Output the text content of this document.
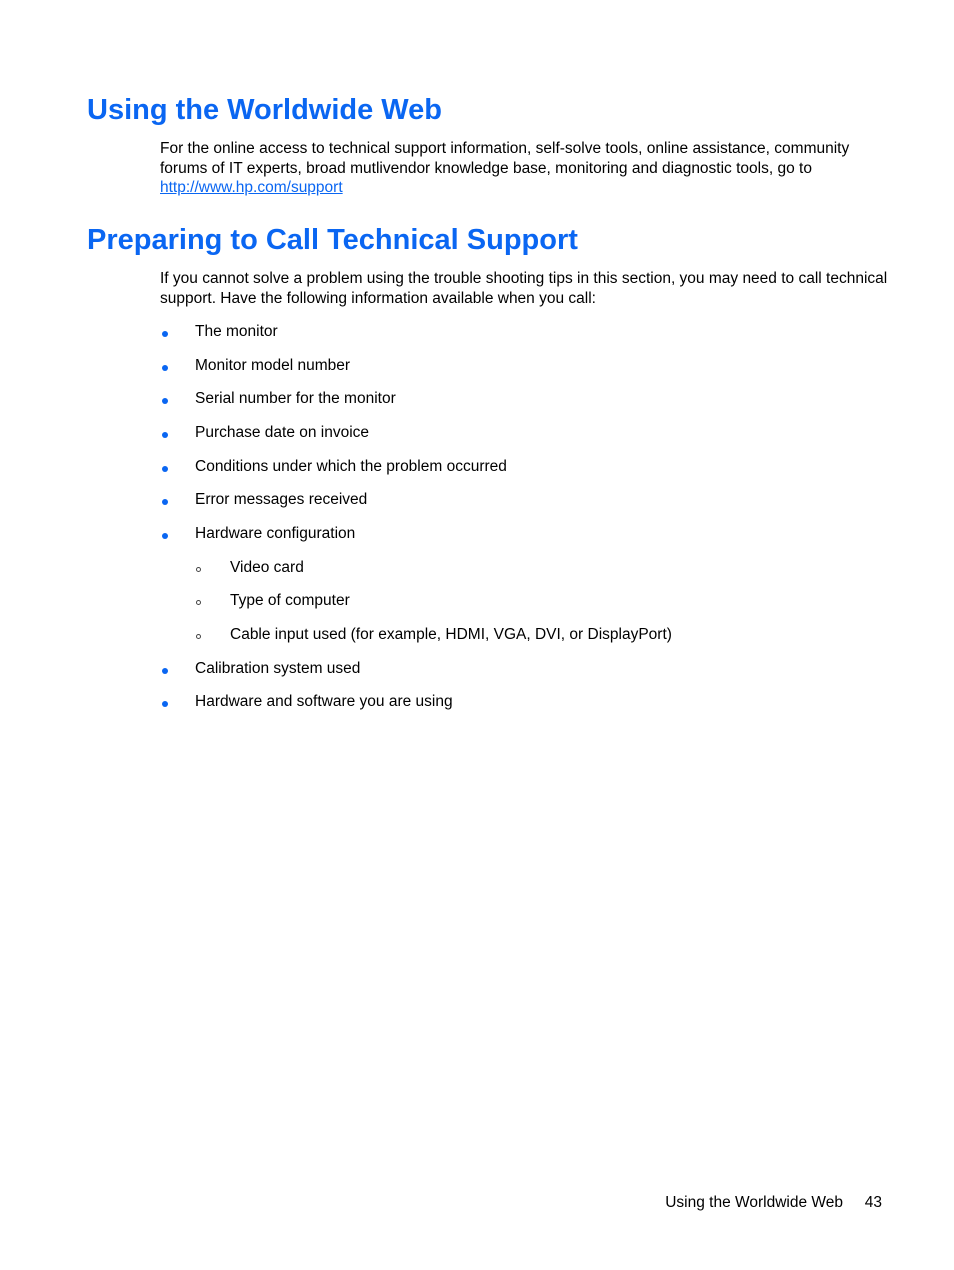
Using the Worldwide Web

For the online access to technical support information, self-solve tools, online assistance, community forums of IT experts, broad mutlivendor knowledge base, monitoring and diagnostic tools, go to
http://www.hp.com/support

Preparing to Call Technical Support

If you cannot solve a problem using the trouble shooting tips in this section, you may need to call technical support. Have the following information available when you call:

The monitor
Monitor model number
Serial number for the monitor
Purchase date on invoice
Conditions under which the problem occurred
Error messages received
Hardware configuration
Video card
Type of computer
Cable input used (for example, HDMI, VGA, DVI, or DisplayPort)
Calibration system used
Hardware and software you are using
Using the Worldwide Web 43
